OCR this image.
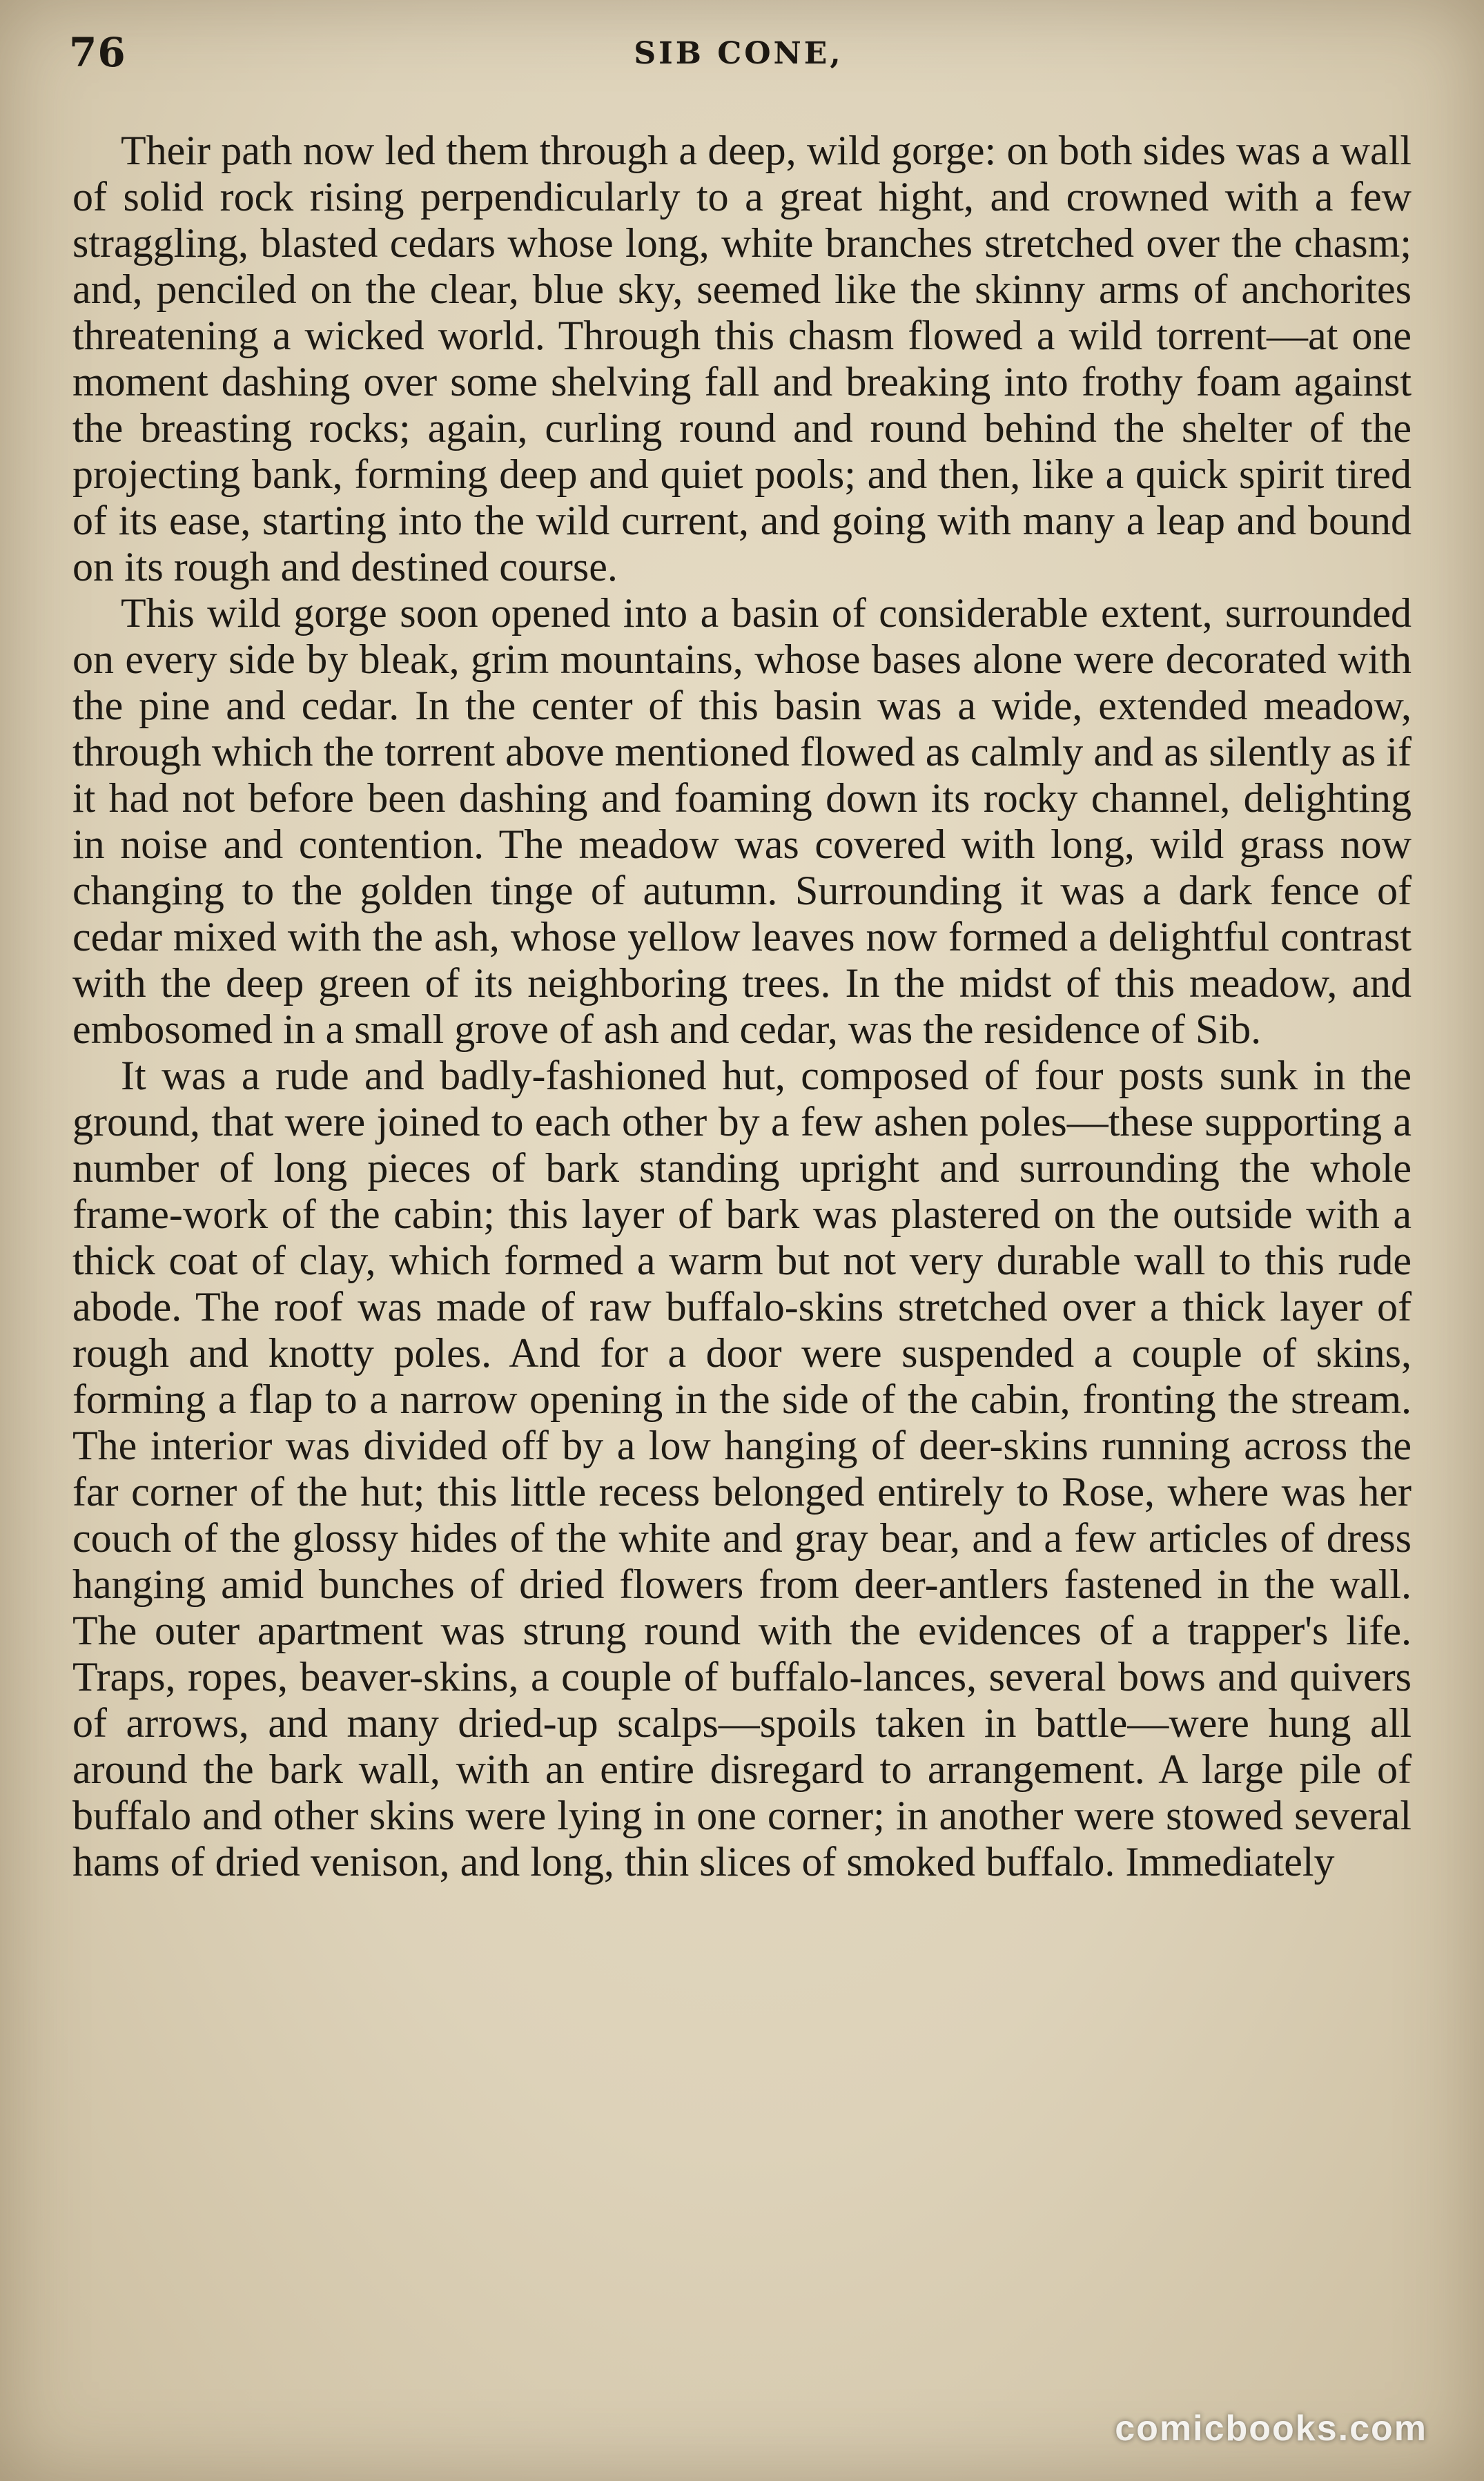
76	SIB CONE,

Their path now led them through a deep, wild gorge: on both sides was a wall of solid rock rising perpendicularly to a great hight, and crowned with a few straggling, blasted cedars whose long, white branches stretched over the chasm; and, penciled on the clear, blue sky, seemed like the skinny arms of anchorites threatening a wicked world. Through this chasm flowed a wild torrent—at one moment dashing over some shelving fall and breaking into frothy foam against the breasting rocks; again, curling round and round behind the shelter of the projecting bank, forming deep and quiet pools; and then, like a quick spirit tired of its ease, starting into the wild current, and going with many a leap and bound on its rough and destined course.

This wild gorge soon opened into a basin of considerable extent, surrounded on every side by bleak, grim mountains, whose bases alone were decorated with the pine and cedar. In the center of this basin was a wide, extended meadow, through which the torrent above mentioned flowed as calmly and as silently as if it had not before been dashing and foaming down its rocky channel, delighting in noise and contention. The meadow was covered with long, wild grass now changing to the golden tinge of autumn. Surrounding it was a dark fence of cedar mixed with the ash, whose yellow leaves now formed a delightful contrast with the deep green of its neighboring trees. In the midst of this meadow, and embosomed in a small grove of ash and cedar, was the residence of Sib.

It was a rude and badly-fashioned hut, composed of four posts sunk in the ground, that were joined to each other by a few ashen poles—these supporting a number of long pieces of bark standing upright and surrounding the whole frame-work of the cabin; this layer of bark was plastered on the outside with a thick coat of clay, which formed a warm but not very durable wall to this rude abode. The roof was made of raw buffalo-skins stretched over a thick layer of rough and knotty poles. And for a door were suspended a couple of skins, forming a flap to a narrow opening in the side of the cabin, fronting the stream. The interior was divided off by a low hanging of deer-skins running across the far corner of the hut; this little recess belonged entirely to Rose, where was her couch of the glossy hides of the white and gray bear, and a few articles of dress hanging amid bunches of dried flowers from deer-antlers fastened in the wall. The outer apartment was strung round with the evidences of a trapper's life. Traps, ropes, beaver-skins, a couple of buffalo-lances, several bows and quivers of arrows, and many dried-up scalps—spoils taken in battle—were hung all around the bark wall, with an entire disregard to arrangement. A large pile of buffalo and other skins were lying in one corner; in another were stowed several hams of dried venison, and long, thin slices of smoked buffalo. Immediately

comicbooks.com
